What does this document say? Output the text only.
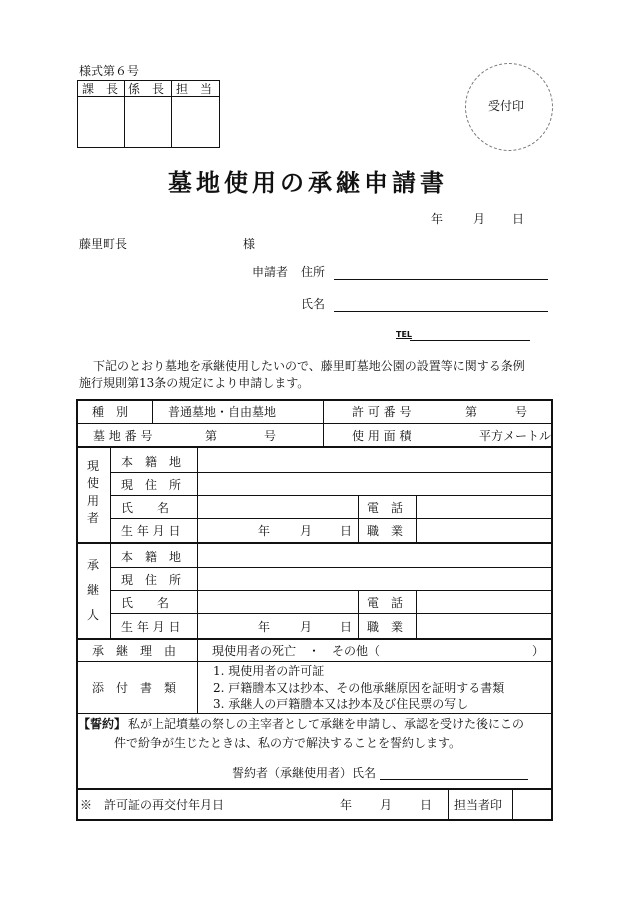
様式第６号
課　長 係　長 担　当
受付印
墓地使用の承継申請書
年 月 日
藤里町長	様
申請者 住所
氏名
TEL
下記のとおり墓地を承継使用したいので、藤里町墓地公園の設置等に関する条例
施行規則第13条の規定により申請します。
種　別	普通墓地・自由墓地	許 可 番 号	第	号
墓 地 番 号	第	号	使 用 面 積	平方メートル
現
使
用
者
本　籍　地
現　住　所
氏　　名	電　話
生 年 月 日	年 月 日 職　業
承
継
人
本　籍　地
現　住　所
氏　　名	電　話
生 年 月 日	年 月 日 職　業
承　継　理　由	現使用者の死亡　・　その他（	）
添　付　書　類
1. 現使用者の許可証
2. 戸籍謄本又は抄本、その他承継原因を証明する書類
3. 承継人の戸籍謄本又は抄本及び住民票の写し
【誓約】 私が上記墳墓の祭しの主宰者として承継を申請し、承認を受けた後にこの
件で紛争が生じたときは、私の方で解決することを誓約します。
誓約者（承継使用者）氏名
※　許可証の再交付年月日	年 月 日 担当者印
